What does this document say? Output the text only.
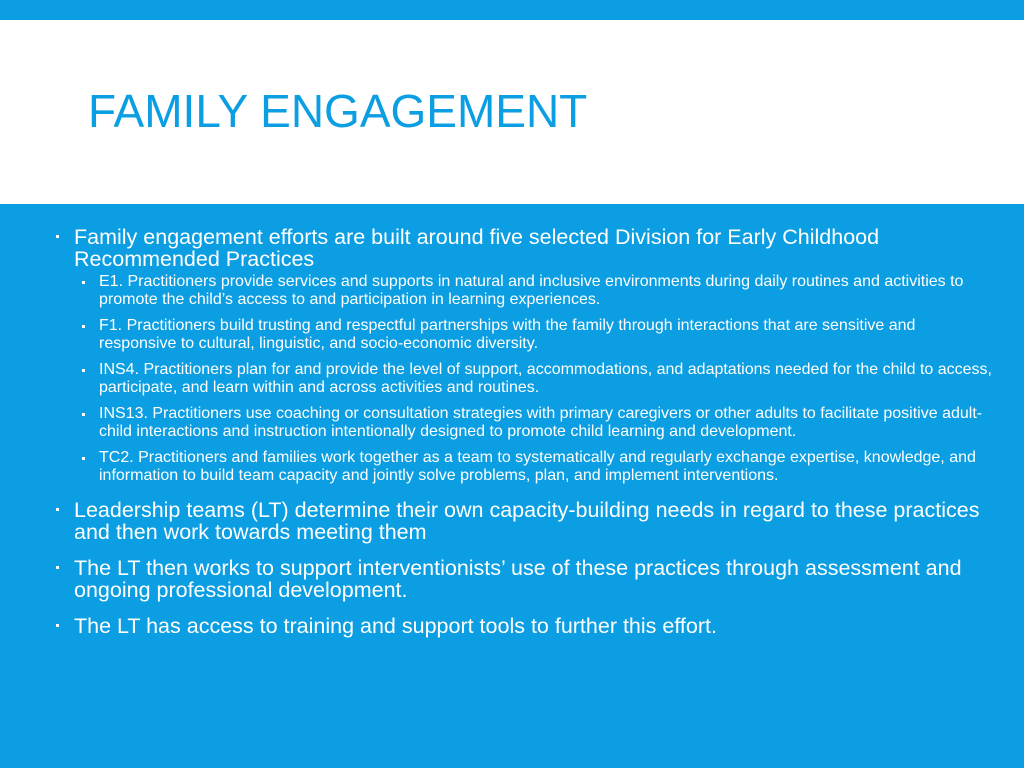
FAMILY ENGAGEMENT
Family engagement efforts are built around five selected Division for Early Childhood Recommended Practices
E1. Practitioners provide services and supports in natural and inclusive environments during daily routines and activities to promote the child’s access to and participation in learning experiences.
F1. Practitioners build trusting and respectful partnerships with the family through interactions that are sensitive and responsive to cultural, linguistic, and socio-economic diversity.
INS4. Practitioners plan for and provide the level of support, accommodations, and adaptations needed for the child to access, participate, and learn within and across activities and routines.
INS13. Practitioners use coaching or consultation strategies with primary caregivers or other adults to facilitate positive adult-child interactions and instruction intentionally designed to promote child learning and development.
TC2. Practitioners and families work together as a team to systematically and regularly exchange expertise, knowledge, and information to build team capacity and jointly solve problems, plan, and implement interventions.
Leadership teams (LT) determine their own capacity-building needs in regard to these practices and then work towards meeting them
The LT then works to support interventionists’ use of these practices through assessment and ongoing professional development.
The LT has access to training and support tools to further this effort.
